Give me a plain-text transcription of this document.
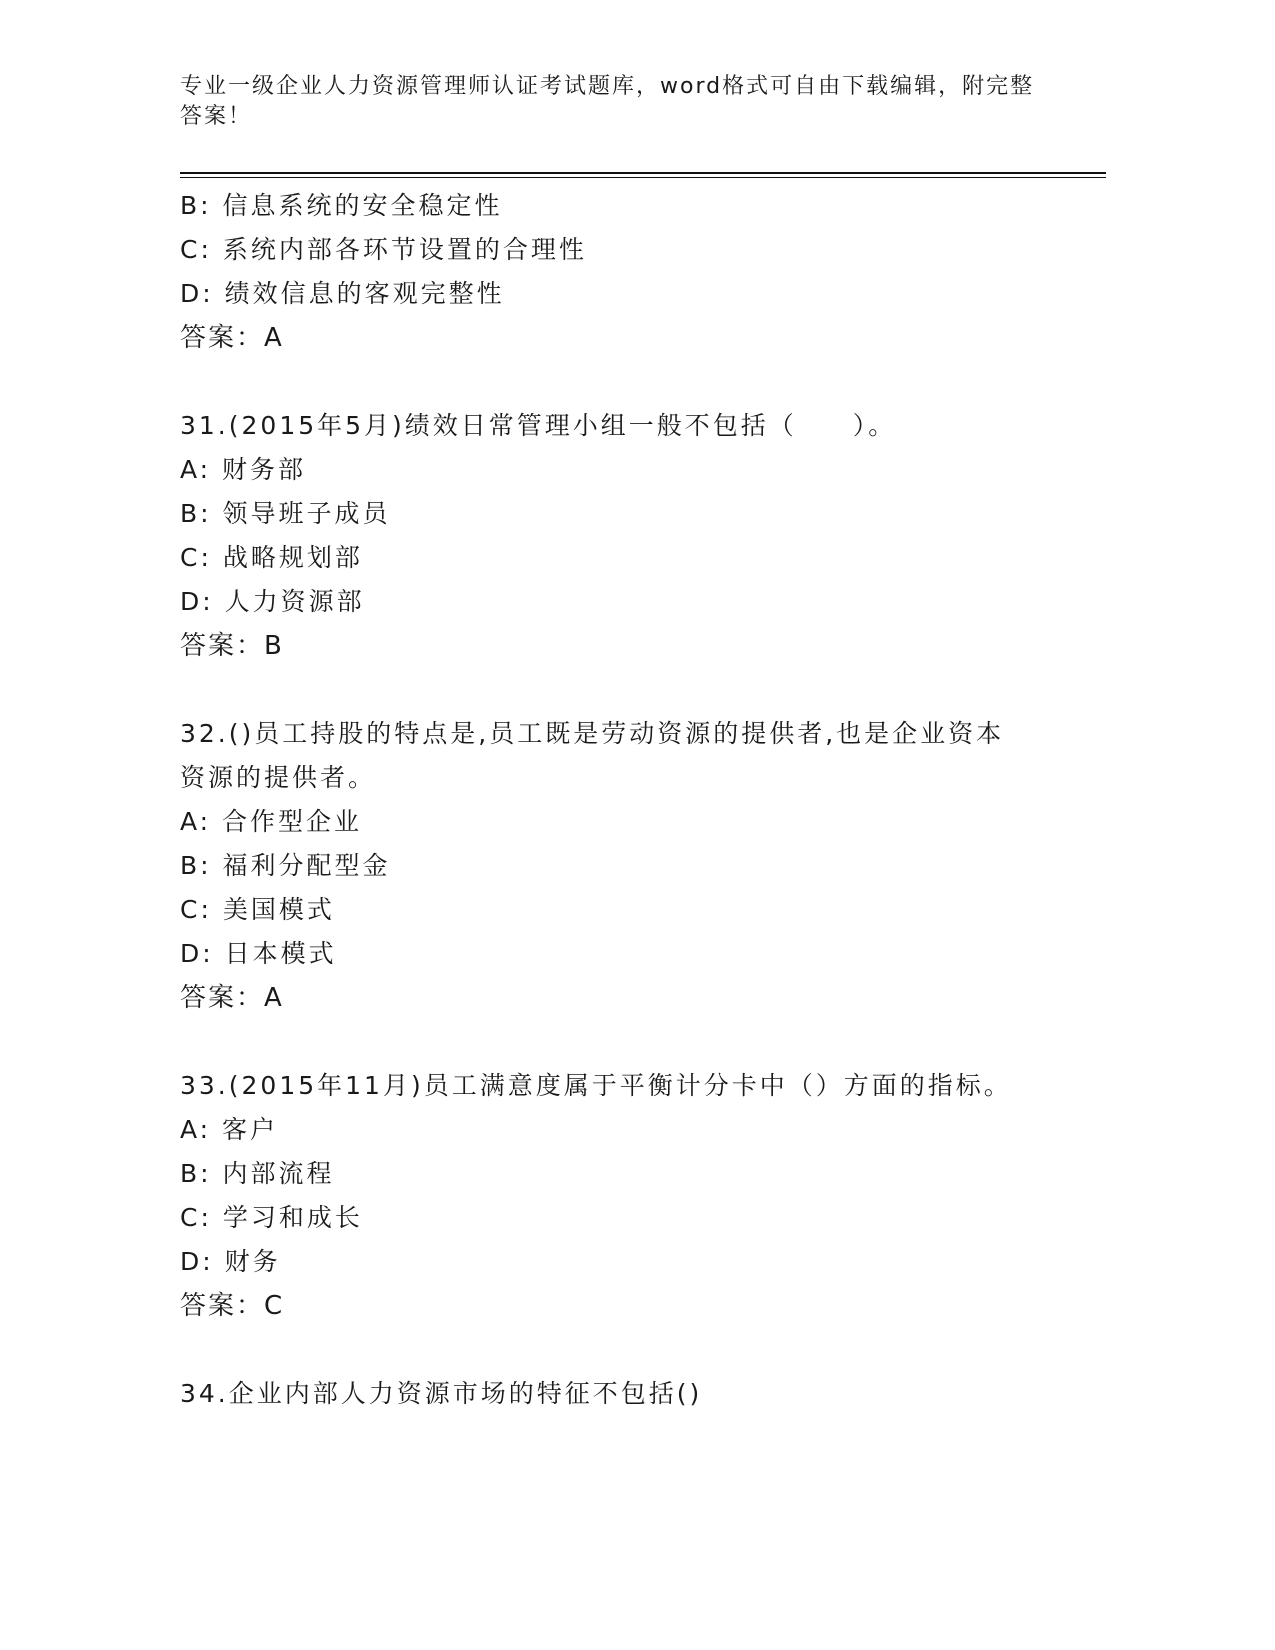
专业一级企业人力资源管理师认证考试题库，word格式可自由下载编辑，附完整答案！
B: 信息系统的安全稳定性
C: 系统内部各环节设置的合理性
D: 绩效信息的客观完整性
答案：A
31.(2015年5月)绩效日常管理小组一般不包括（　　）。
A: 财务部
B: 领导班子成员
C: 战略规划部
D: 人力资源部
答案：B
32.()员工持股的特点是,员工既是劳动资源的提供者,也是企业资本资源的提供者。
A: 合作型企业
B: 福利分配型金
C: 美国模式
D: 日本模式
答案：A
33.(2015年11月)员工满意度属于平衡计分卡中（）方面的指标。
A: 客户
B: 内部流程
C: 学习和成长
D: 财务
答案：C
34.企业内部人力资源市场的特征不包括()
